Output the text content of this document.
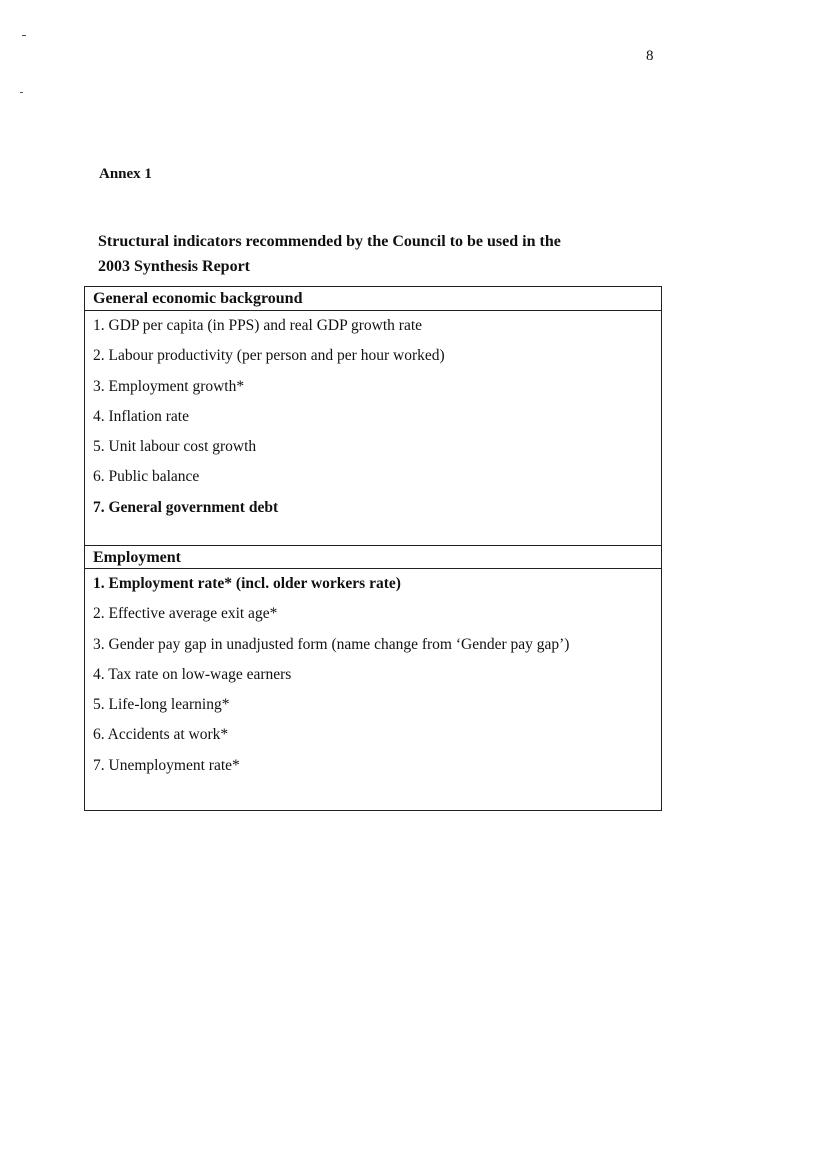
8
Annex 1
Structural indicators recommended by the Council to be used in the
2003 Synthesis Report
General economic background
1. GDP per capita (in PPS) and real GDP growth rate
2. Labour productivity (per person and per hour worked)
3. Employment growth*
4. Inflation rate
5. Unit labour cost growth
6. Public balance
7. General government debt
Employment
1. Employment rate* (incl. older workers rate)
2. Effective average exit age*
3. Gender pay gap in unadjusted form (name change from ‘Gender pay gap’)
4. Tax rate on low-wage earners
5. Life-long learning*
6. Accidents at work*
7. Unemployment rate*
